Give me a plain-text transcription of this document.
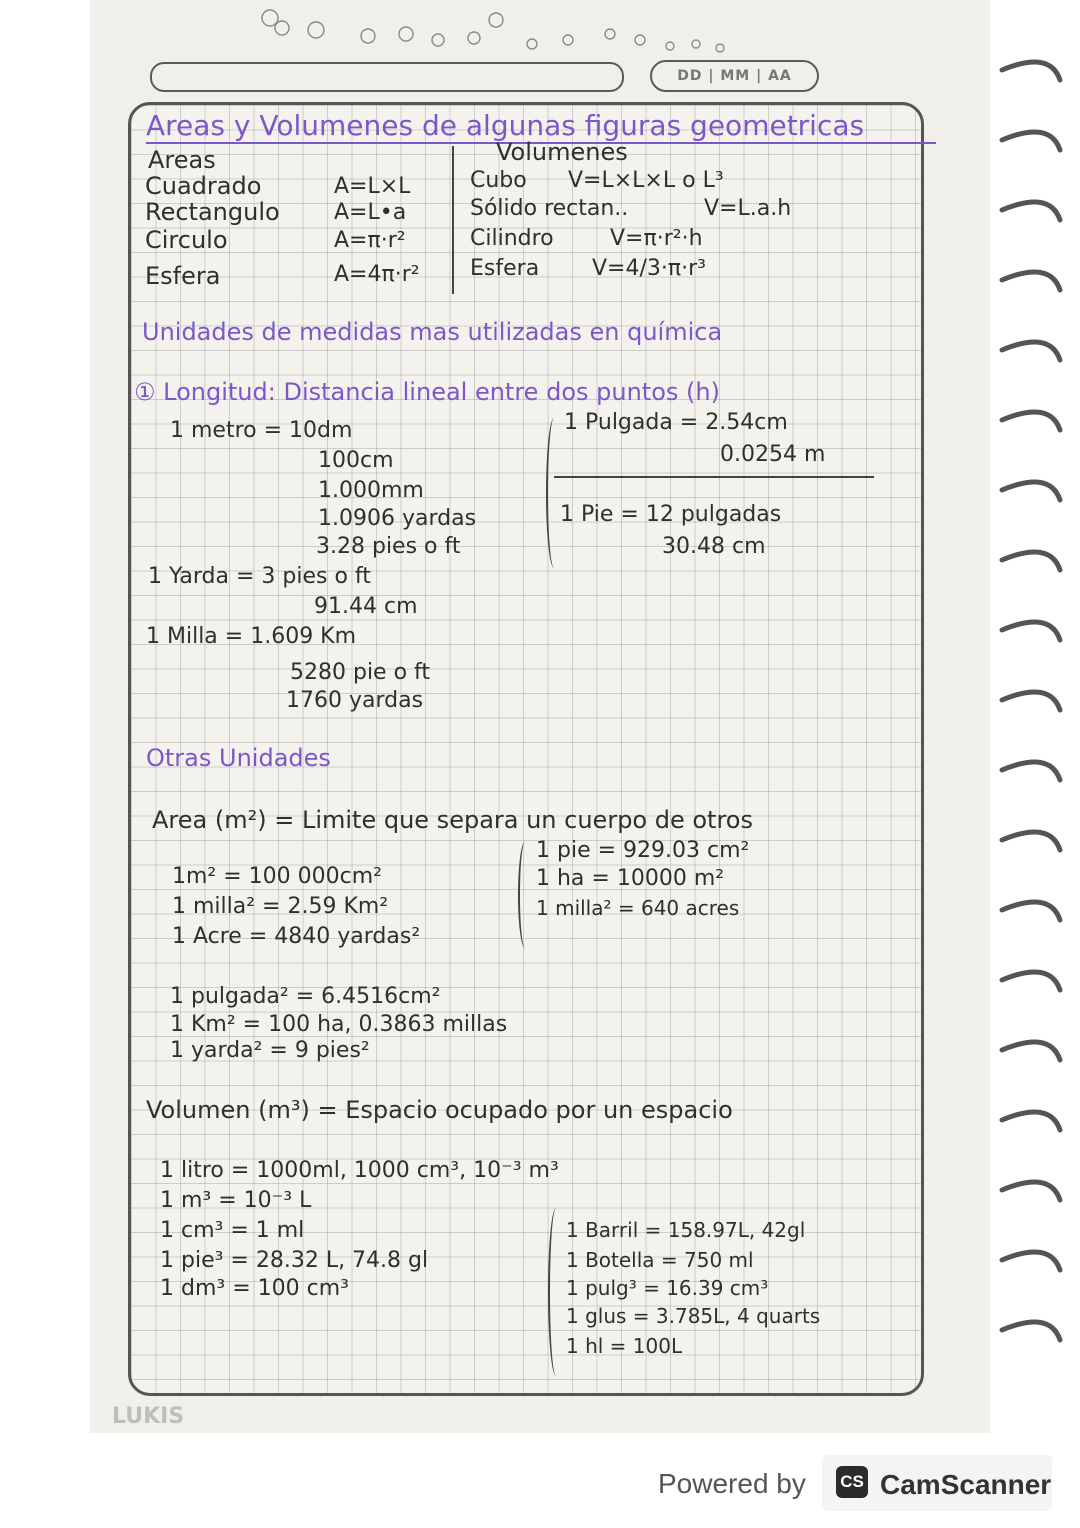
DD | MM | AA
Areas y Volumenes de algunas figuras geometricas
Areas
Cuadrado	A=L×L
Rectangulo A=L•a
Circulo	A=π·r²
Esfera	A=4π·r²
Volumenes
Cubo V=L×L×L o L³
Sólido rectan..	V=L.a.h
Cilindro	V=π·r²·h
Esfera V=4/3·π·r³
Unidades de medidas mas utilizadas en química
① Longitud: Distancia lineal entre dos puntos (h)
1 metro = 10dm
100cm
1.000mm
1.0906 yardas
3.28 pies o ft
1 Yarda = 3 pies o ft
91.44 cm
1 Milla = 1.609 Km
5280 pie o ft
1760 yardas
1 Pulgada = 2.54cm
0.0254 m
1 Pie = 12 pulgadas
30.48 cm
Otras Unidades
Area (m²) = Limite que separa un cuerpo de otros
1m² = 100 000cm²
1 milla² = 2.59 Km²
1 Acre = 4840 yardas²
1 pie = 929.03 cm²
1 ha = 10000 m²
1 milla² = 640 acres
1 pulgada² = 6.4516cm²
1 Km² = 100 ha, 0.3863 millas
1 yarda² = 9 pies²
Volumen (m³) = Espacio ocupado por un espacio
1 litro = 1000ml, 1000 cm³, 10⁻³ m³
1 m³ = 10⁻³ L
1 cm³ = 1 ml
1 pie³ = 28.32 L, 74.8 gl
1 dm³ = 100 cm³
1 Barril = 158.97L, 42gl
1 Botella = 750 ml
1 pulg³ = 16.39 cm³
1 glus = 3.785L, 4 quarts
1 hl = 100L
LUKIS
Powered by CS CamScanner
